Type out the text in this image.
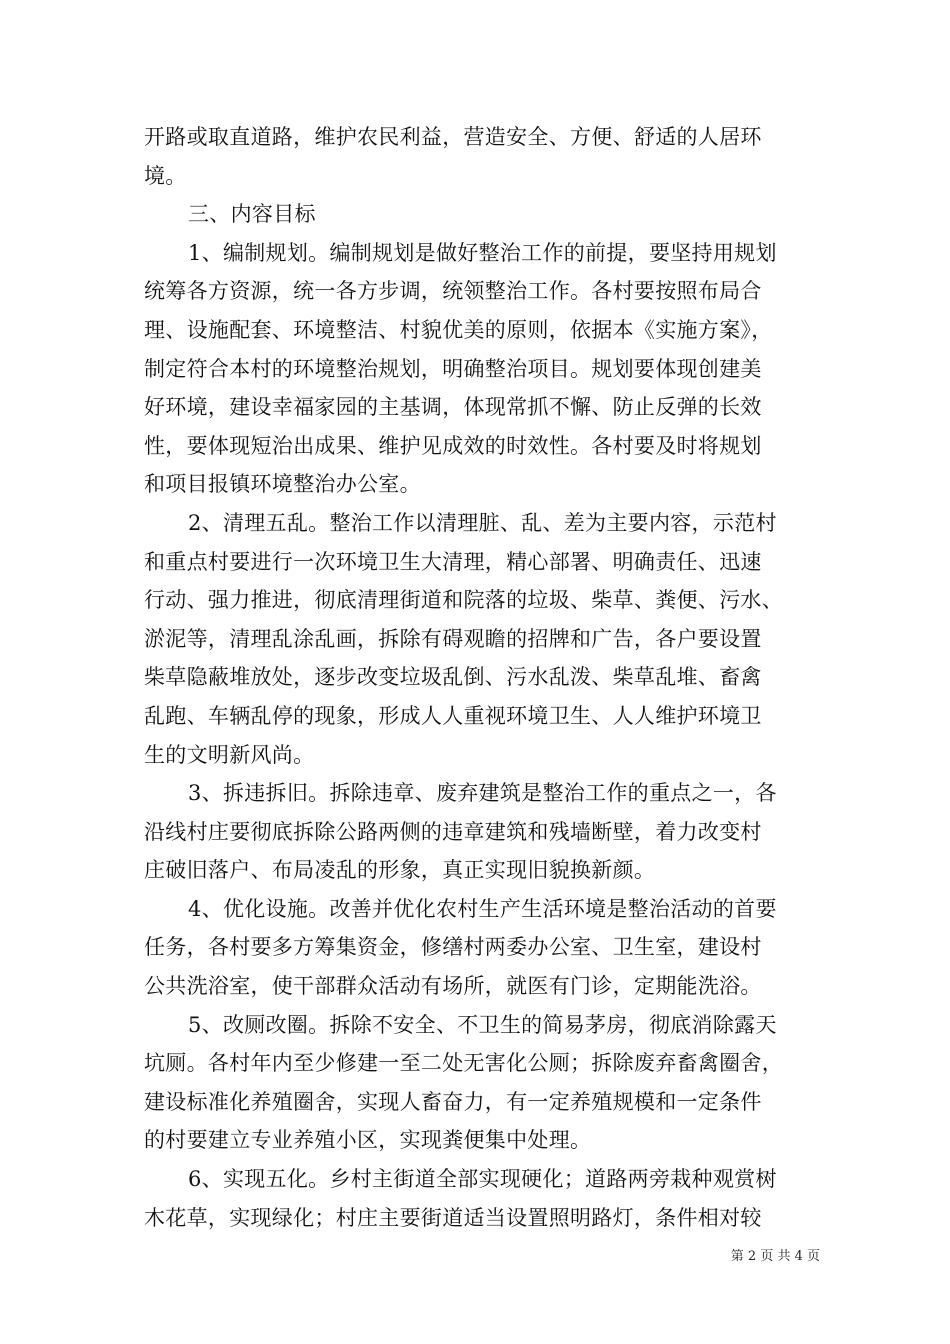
开路或取直道路，维护农民利益，营造安全、方便、舒适的人居环
境。
三、内容目标
1、编制规划。编制规划是做好整治工作的前提，要坚持用规划
统筹各方资源，统一各方步调，统领整治工作。各村要按照布局合
理、设施配套、环境整洁、村貌优美的原则，依据本《实施方案》，
制定符合本村的环境整治规划，明确整治项目。规划要体现创建美
好环境，建设幸福家园的主基调，体现常抓不懈、防止反弹的长效
性，要体现短治出成果、维护见成效的时效性。各村要及时将规划
和项目报镇环境整治办公室。
2、清理五乱。整治工作以清理脏、乱、差为主要内容，示范村
和重点村要进行一次环境卫生大清理，精心部署、明确责任、迅速
行动、强力推进，彻底清理街道和院落的垃圾、柴草、粪便、污水、
淤泥等，清理乱涂乱画，拆除有碍观瞻的招牌和广告，各户要设置
柴草隐蔽堆放处，逐步改变垃圾乱倒、污水乱泼、柴草乱堆、畜禽
乱跑、车辆乱停的现象，形成人人重视环境卫生、人人维护环境卫
生的文明新风尚。
3、拆违拆旧。拆除违章、废弃建筑是整治工作的重点之一，各
沿线村庄要彻底拆除公路两侧的违章建筑和残墙断壁，着力改变村
庄破旧落户、布局凌乱的形象，真正实现旧貌换新颜。
4、优化设施。改善并优化农村生产生活环境是整治活动的首要
任务，各村要多方筹集资金，修缮村两委办公室、卫生室，建设村
公共洗浴室，使干部群众活动有场所，就医有门诊，定期能洗浴。
5、改厕改圈。拆除不安全、不卫生的简易茅房，彻底消除露天
坑厕。各村年内至少修建一至二处无害化公厕；拆除废弃畜禽圈舍，
建设标准化养殖圈舍，实现人畜奋力，有一定养殖规模和一定条件
的村要建立专业养殖小区，实现粪便集中处理。
6、实现五化。乡村主街道全部实现硬化；道路两旁栽种观赏树
木花草，实现绿化；村庄主要街道适当设置照明路灯，条件相对较
第 2 页 共 4 页
